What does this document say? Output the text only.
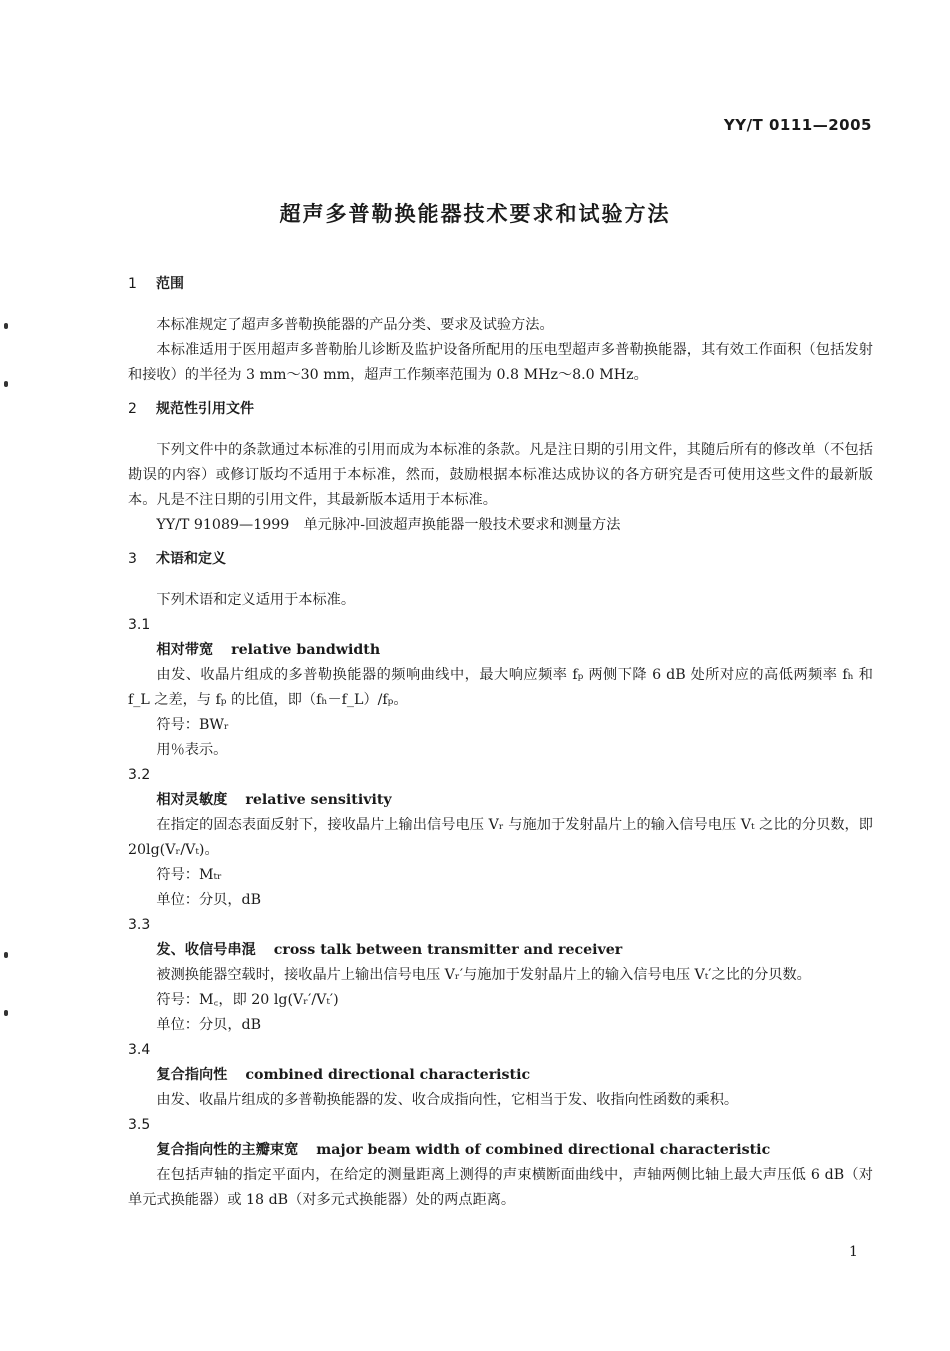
YY/T 0111—2005
超声多普勒换能器技术要求和试验方法

1 范围

本标准规定了超声多普勒换能器的产品分类、要求及试验方法。

本标准适用于医用超声多普勒胎儿诊断及监护设备所配用的压电型超声多普勒换能器，其有效工作面积（包括发射和接收）的半径为 3 mm～30 mm，超声工作频率范围为 0.8 MHz～8.0 MHz。

2 规范性引用文件

下列文件中的条款通过本标准的引用而成为本标准的条款。凡是注日期的引用文件，其随后所有的修改单（不包括勘误的内容）或修订版均不适用于本标准，然而，鼓励根据本标准达成协议的各方研究是否可使用这些文件的最新版本。凡是不注日期的引用文件，其最新版本适用于本标准。

YY/T 91089—1999　单元脉冲-回波超声换能器一般技术要求和测量方法

3 术语和定义

下列术语和定义适用于本标准。

3.1

相对带宽 relative bandwidth

由发、收晶片组成的多普勒换能器的频响曲线中，最大响应频率 fₚ 两侧下降 6 dB 处所对应的高低两频率 fₕ 和 f_L 之差，与 fₚ 的比值，即（fₕ－f_L）/fₚ。

符号：BWᵣ

用％表示。

3.2

相对灵敏度 relative sensitivity

在指定的固态表面反射下，接收晶片上输出信号电压 Vᵣ 与施加于发射晶片上的输入信号电压 Vₜ 之比的分贝数，即 20lg(Vᵣ/Vₜ)。

符号：Mₜᵣ

单位：分贝，dB

3.3

发、收信号串混 cross talk between transmitter and receiver

被测换能器空载时，接收晶片上输出信号电压 Vᵣ′与施加于发射晶片上的输入信号电压 Vₜ′之比的分贝数。

符号：M꜀，即 20 lg(Vᵣ′/Vₜ′)

单位：分贝，dB

3.4

复合指向性 combined directional characteristic

由发、收晶片组成的多普勒换能器的发、收合成指向性，它相当于发、收指向性函数的乘积。

3.5

复合指向性的主瓣束宽 major beam width of combined directional characteristic

在包括声轴的指定平面内，在给定的测量距离上测得的声束横断面曲线中，声轴两侧比轴上最大声压低 6 dB（对单元式换能器）或 18 dB（对多元式换能器）处的两点距离。

1
